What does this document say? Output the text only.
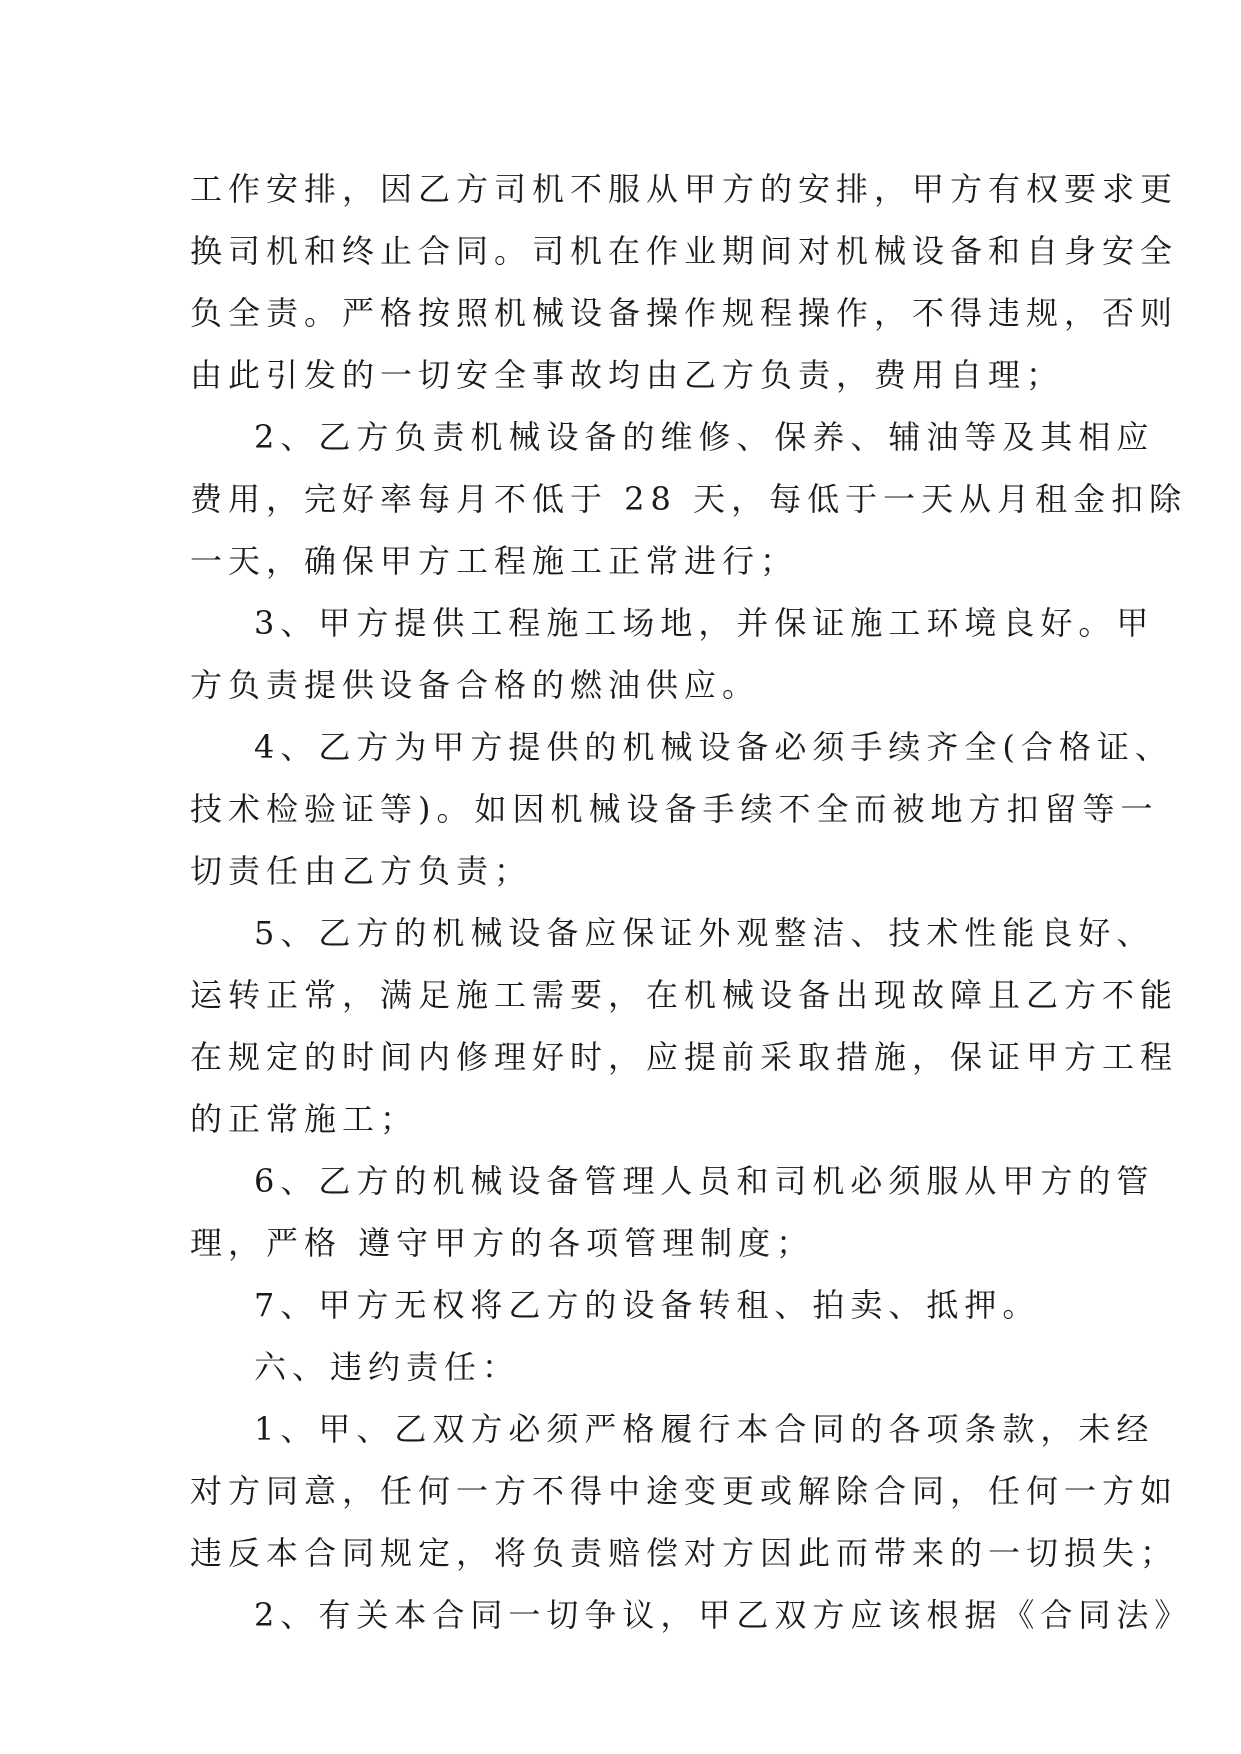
工作安排，因乙方司机不服从甲方的安排，甲方有权要求更
换司机和终止合同。司机在作业期间对机械设备和自身安全
负全责。严格按照机械设备操作规程操作，不得违规，否则
由此引发的一切安全事故均由乙方负责，费用自理；
2、乙方负责机械设备的维修、保养、辅油等及其相应
费用，完好率每月不低于 28 天，每低于一天从月租金扣除
一天，确保甲方工程施工正常进行；
3、甲方提供工程施工场地，并保证施工环境良好。甲
方负责提供设备合格的燃油供应。
4、乙方为甲方提供的机械设备必须手续齐全(合格证、
技术检验证等)。如因机械设备手续不全而被地方扣留等一
切责任由乙方负责；
5、乙方的机械设备应保证外观整洁、技术性能良好、
运转正常，满足施工需要，在机械设备出现故障且乙方不能
在规定的时间内修理好时，应提前采取措施，保证甲方工程
的正常施工；
6、乙方的机械设备管理人员和司机必须服从甲方的管
理，严格 遵守甲方的各项管理制度；
7、甲方无权将乙方的设备转租、拍卖、抵押。
六、违约责任：
1、甲、乙双方必须严格履行本合同的各项条款，未经
对方同意，任何一方不得中途变更或解除合同，任何一方如
违反本合同规定，将负责赔偿对方因此而带来的一切损失；
2、有关本合同一切争议，甲乙双方应该根据《合同法》
